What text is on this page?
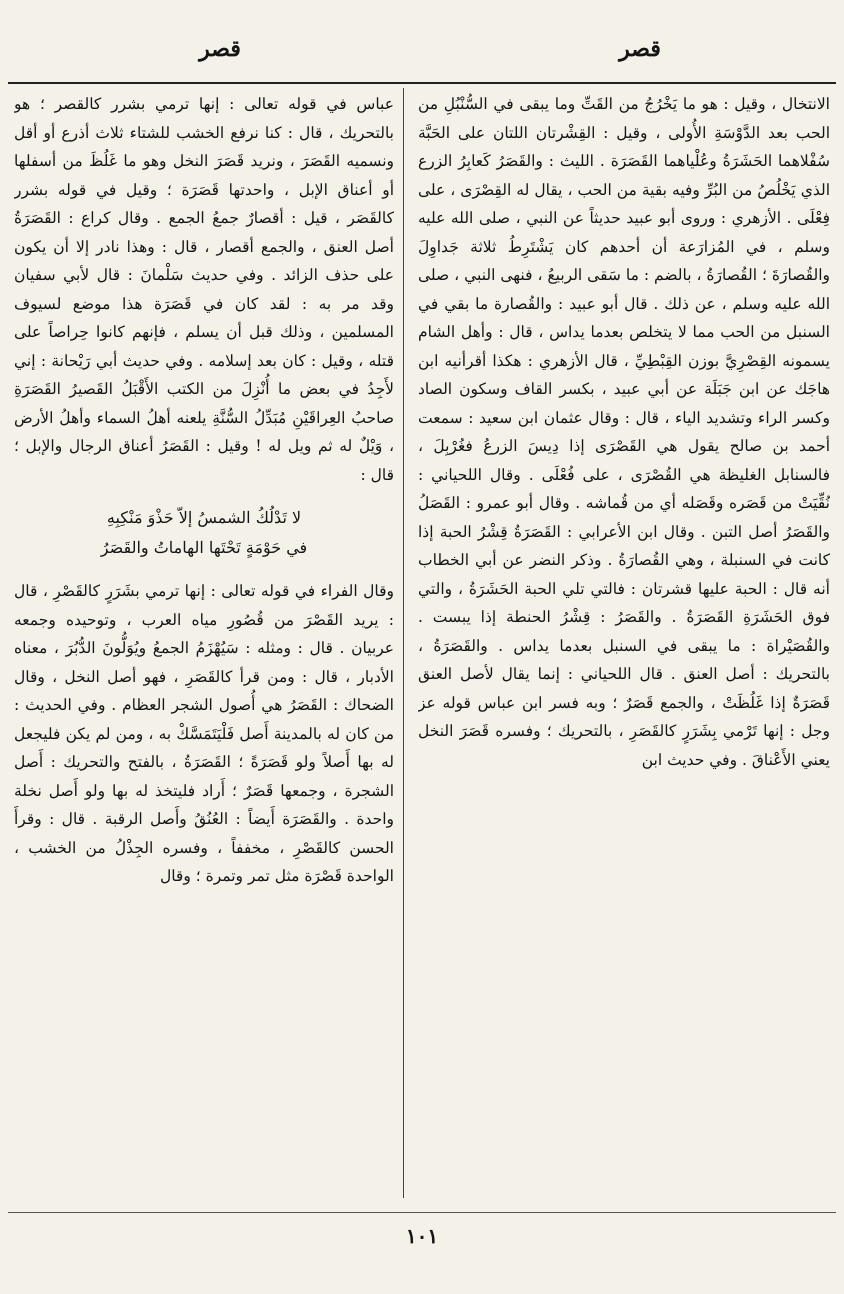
قصر
قصر

الانتخال ، وقيل : هو ما يَخْرُجُ من القَتِّ وما يبقى في السُّنْبُلِ من الحب بعد الدَّوْسَةِ الأُولى ، وقيل : القِشْرتان اللتان على الحَبَّة سُفْلاهما الحَشَرَةُ وعُلْياهما القَصَرَة . الليث : والقَصَرُ كَعابِرُ الزرع الذي يَخْلُصُ من البُرِّ وفيه بقية من الحب ، يقال له القِصْرَى ، على فِعْلَى . الأزهري : وروى أبو عبيد حديثاً عن النبي ، صلى الله عليه وسلم ، في المُزارَعة أن أحدهم كان يَشْتَرِطُ ثلاثة جَداوِلَ والقُصارَةَ ؛ القُصارَةُ ، بالضم : ما سَقى الربيعُ ، فنهى النبي ، صلى الله عليه وسلم ، عن ذلك . قال أبو عبيد : والقُصارة ما بقي في السنبل من الحب مما لا يتخلص بعدما يداس ، قال : وأهل الشام يسمونه القِصْرِيَّ بوزن القِبْطِيِّ ، قال الأزهري : هكذا أقرأنيه ابن هاجَك عن ابن جَبَلَة عن أبي عبيد ، بكسر القاف وسكون الصاد وكسر الراء وتشديد الياء ، قال : وقال عثمان ابن سعيد : سمعت أحمد بن صالح يقول هي القَصْرَى إذا دِيسَ الزرعُ فغُرْبِلَ ، فالسنابل الغليظة هي القُصْرَى ، على فُعْلَى . وقال اللحياني : نُقِّيَتْ من قَصَره وقَصَله أي من قُماشه . وقال أبو عمرو : القَصَلُ والقَصَرُ أصل التبن . وقال ابن الأعرابي : القَصَرَةُ قِشْرُ الحبة إذا كانت في السنبلة ، وهي القُصارَةُ . وذكر النضر عن أبي الخطاب أنه قال : الحبة عليها قشرتان : فالتي تلي الحبة الحَشَرَةُ ، والتي فوق الحَشَرَةِ القَصَرَةُ . والقَصَرُ : قِشْرُ الحنطة إذا يبست . والقُصَيْراة : ما يبقى في السنبل بعدما يداس . والقَصَرَةُ ، بالتحريك : أصل العنق . قال اللحياني : إنما يقال لأصل العنق قَصَرَةٌ إذا غَلُظَتْ ، والجمع قَصَرٌ ؛ وبه فسر ابن عباس قوله عز وجل : إنها تَرْمي بِشَرَرٍ كالقَصَرِ ، بالتحريك ؛ وفسره قَصَرَ النخل يعني الأَعْناقَ . وفي حديث ابن

عباس في قوله تعالى : إنها ترمي بشرر كالقصر ؛ هو بالتحريك ، قال : كنا نرفع الخشب للشتاء ثلاث أذرع أو أقل ونسميه القَصَرَ ، ونريد قَصَرَ النخل وهو ما غَلُظَ من أسفلها أو أعناق الإبل ، واحدتها قَصَرَة ؛ وقيل في قوله بشرر كالقَصَر ، قيل : أقصارٌ جمعُ الجمع . وقال كراع : القَصَرَةُ أصل العنق ، والجمع أقصار ، قال : وهذا نادر إلا أن يكون على حذف الزائد . وفي حديث سَلْمانَ : قال لأبي سفيان وقد مر به : لقد كان في قَصَرَة هذا موضع لسيوف المسلمين ، وذلك قبل أن يسلم ، فإنهم كانوا حِراصاً على قتله ، وقيل : كان بعد إسلامه . وفي حديث أبي رَيْحانة : إني لأَجِدُ في بعض ما أُنْزِلَ من الكتب الأَقْبَلُ القَصيرُ القَصَرَةِ صاحبُ العِراقَيْنِ مُبَدِّلُ السُّنَّةِ يلعنه أهلُ السماء وأهلُ الأرض ، وَيْلٌ له ثم ويل له ! وقيل : القَصَرُ أعناق الرجال والإبل ؛ قال :

لا تَدْلُكُ الشمسُ إلاّ حَذْوَ مَنْكِبِهِ
في حَوْمَةٍ تَحْتَها الهاماتُ والقَصَرُ

وقال الفراء في قوله تعالى : إنها ترمي بشَرَرٍ كالقَصْرِ ، قال : يريد القَصْرَ من قُصُورِ مياه العرب ، وتوحيده وجمعه عربيان . قال : ومثله : سَيُهْزَمُ الجمعُ ويُوَلُّونَ الدُّبُرَ ، معناه الأدبار ، قال : ومن قرأ كالقَصَرِ ، فهو أصل النخل ، وقال الضحاك : القَصَرُ هي أُصول الشجر العظام . وفي الحديث : من كان له بالمدينة أَصل فَلْيَتَمَسَّكْ به ، ومن لم يكن فليجعل له بها أَصلاً ولو قَصَرَةً ؛ القَصَرَةُ ، بالفتح والتحريك : أَصل الشجرة ، وجمعها قَصَرٌ ؛ أَراد فليتخذ له بها ولو أَصل نخلة واحدة . والقَصَرَة أَيضاً : العُنُقُ وأَصل الرقبة . قال : وقرأَ الحسن كالقَصْرِ ، مخففاً ، وفسره الجِذْلُ من الخشب ، الواحدة قَصْرَة مثل تمر وتمرة ؛ وقال

١٠١
